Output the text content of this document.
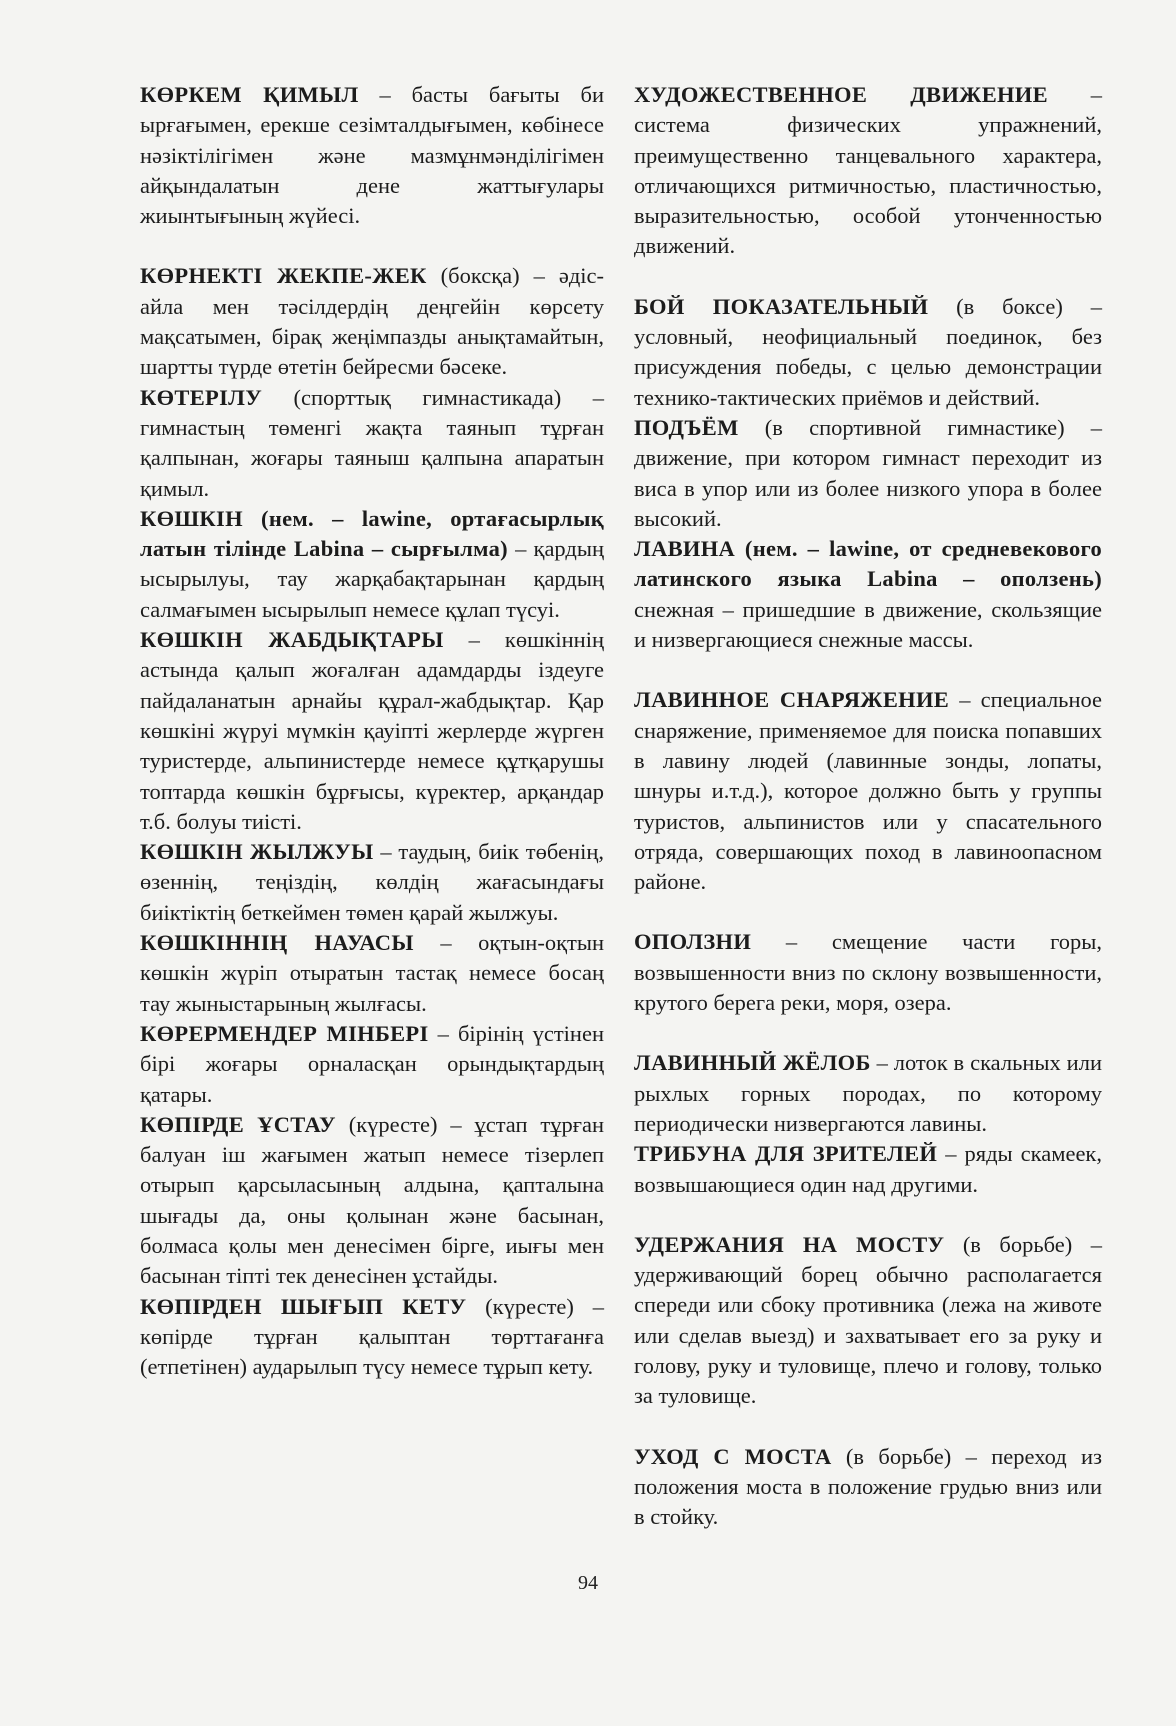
КӨРКЕМ ҚИМЫЛ – басты бағыты би ырғағымен, ерекше сезімталдығымен, көбінесе нәзіктілігімен және мазмұнмәнділігімен айқындалатын дене жаттығулары жиынтығының жүйесі.

КӨРНЕКТІ ЖЕКПЕ-ЖЕК (боксқа) – әдіс-айла мен тәсілдердің деңгейін көрсету мақсатымен, бірақ жеңімпазды анықтамайтын, шартты түрде өтетін бейресми бәсеке.

КӨТЕРІЛУ (спорттық гимнастикада) – гимнастың төменгі жақта таянып тұрған қалпынан, жоғары таяныш қалпына апаратын қимыл.

КӨШКІН (нем. – lawine, ортағасырлық латын тілінде Labina – сырғылма) – қардың ысырылуы, тау жарқабақтарынан қардың салмағымен ысырылып немесе құлап түсуі.

КӨШКІН ЖАБДЫҚТАРЫ – көшкіннің астында қалып жоғалған адамдарды іздеуге пайдаланатын арнайы құрал-жабдықтар. Қар көшкіні жүруі мүмкін қауіпті жерлерде жүрген туристерде, альпинистерде немесе құтқарушы топтарда көшкін бұрғысы, күректер, арқандар т.б. болуы тиісті.

КӨШКІН ЖЫЛЖУЫ – таудың, биік төбенің, өзеннің, теңіздің, көлдің жағасындағы биіктіктің беткеймен төмен қарай жылжуы.

КӨШКІННІҢ НАУАСЫ – оқтын-оқтын көшкін жүріп отыратын тастақ немесе босаң тау жыныстарының жылғасы.

КӨРЕРМЕНДЕР МІНБЕРІ – бірінің үстінен бірі жоғары орналасқан орындықтардың қатары.

КӨПІРДЕ ҰСТАУ (күресте) – ұстап тұрған балуан іш жағымен жатып немесе тізерлеп отырып қарсыласының алдына, қапталына шығады да, оны қолынан және басынан, болмаса қолы мен денесімен бірге, иығы мен басынан тіпті тек денесінен ұстайды.

КӨПІРДЕН ШЫҒЫП КЕТУ (күресте) – көпірде тұрған қалыптан төрттағанға (етпетінен) аударылып түсу немесе тұрып кету.

ХУДОЖЕСТВЕННОЕ ДВИЖЕНИЕ – система физических упражнений, преимущественно танцевального характера, отличающихся ритмичностью, пластичностью, выразительностью, особой утонченностью движений.

БОЙ ПОКАЗАТЕЛЬНЫЙ (в боксе) – условный, неофициальный поединок, без присуждения победы, с целью демонстрации технико-тактических приёмов и действий.

ПОДЪЁМ (в спортивной гимнастике) – движение, при котором гимнаст переходит из виса в упор или из более низкого упора в более высокий.

ЛАВИНА (нем. – lawine, от средневекового латинского языка Labina – оползень) снежная – пришедшие в движение, скользящие и низвергающиеся снежные массы.

ЛАВИННОЕ СНАРЯЖЕНИЕ – специальное снаряжение, применяемое для поиска попавших в лавину людей (лавинные зонды, лопаты, шнуры и.т.д.), которое должно быть у группы туристов, альпинистов или у спасательного отряда, совершающих поход в лавиноопасном районе.

ОПОЛЗНИ – смещение части горы, возвышенности вниз по склону возвышенности, крутого берега реки, моря, озера.

ЛАВИННЫЙ ЖЁЛОБ – лоток в скальных или рыхлых горных породах, по которому периодически низвергаются лавины.

ТРИБУНА ДЛЯ ЗРИТЕЛЕЙ – ряды скамеек, возвышающиеся один над другими.

УДЕРЖАНИЯ НА МОСТУ (в борьбе) – удерживающий борец обычно располагается спереди или сбоку противника (лежа на животе или сделав выезд) и захватывает его за руку и голову, руку и туловище, плечо и голову, только за туловище.

УХОД С МОСТА (в борьбе) – переход из положения моста в положение грудью вниз или в стойку.

94
